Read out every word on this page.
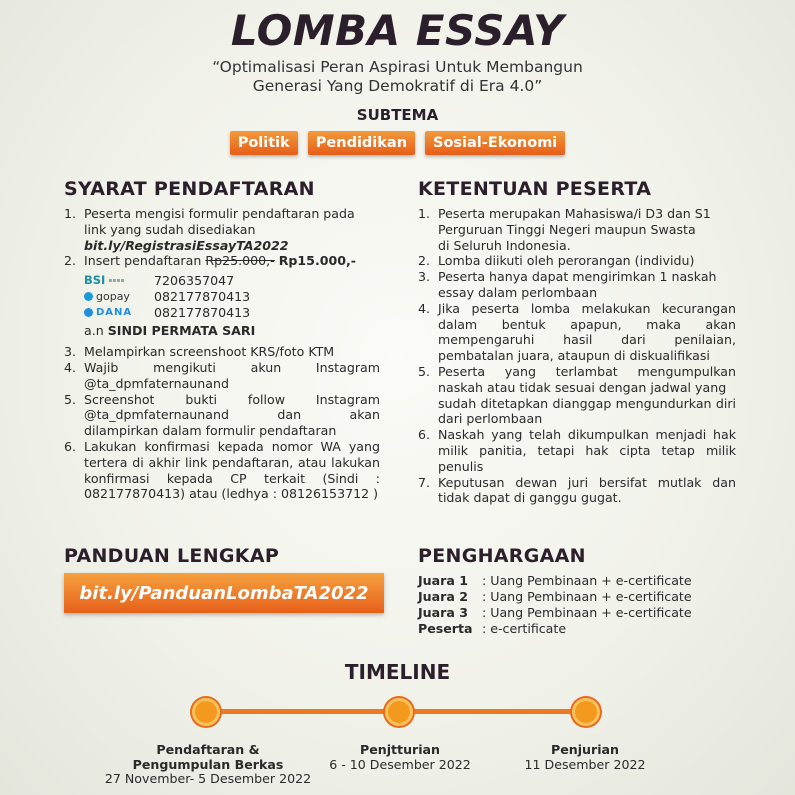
LOMBA ESSAY
“Optimalisasi Peran Aspirasi Untuk Membangun
Generasi Yang Demokratif di Era 4.0”
SUBTEMA
Politik	Pendidikan	Sosial-Ekonomi
SYARAT PENDAFTARAN
1. Peserta mengisi formulir pendaftaran pada link yang sudah disediakan
bit.ly/RegistrasiEssayTA2022
2. Insert pendaftaran Rp25.000,- Rp15.000,-
BSI ▪▪▪▪ 7206357047
gopay 082177870413
DANA 082177870413
a.n
SINDI PERMATA SARI
3. Melampirkan screenshoot KRS/foto KTM
4. Wajib mengikuti akun Instagram
@ta_dpmfaternaunand
5. Screenshot bukti follow Instagram
@ta_dpmfaternaunand dan akan
dilampirkan dalam formulir pendaftaran
6. Lakukan konfirmasi kepada nomor WA yang tertera di akhir link pendaftaran, atau lakukan konfirmasi kepada CP terkait (Sindi : 082177870413) atau (ledhya : 08126153712 )
KETENTUAN PESERTA
1. Peserta merupakan Mahasiswa/i D3 dan S1
Perguruan Tinggi Negeri maupun Swasta
di Seluruh Indonesia.
2. Lomba diikuti oleh perorangan (individu)
3. Peserta hanya dapat mengirimkan 1 naskah essay dalam perlombaan
4. Jika peserta lomba melakukan kecurangan dalam bentuk apapun, maka akan mempengaruhi hasil dari penilaian, pembatalan juara, ataupun di diskualifikasi
5. Peserta yang terlambat mengumpulkan naskah atau tidak sesuai dengan jadwal yang
sudah ditetapkan dianggap mengundurkan diri dari perlombaan
6. Naskah yang telah dikumpulkan menjadi hak milik panitia, tetapi hak cipta tetap milik penulis
7. Keputusan dewan juri bersifat mutlak dan tidak dapat di ganggu gugat.
PANDUAN LENGKAP
bit.ly/PanduanLombaTA2022
PENGHARGAAN
Juara 1 : Uang Pembinaan + e-certificate
Juara 2 : Uang Pembinaan + e-certificate
Juara 3 : Uang Pembinaan + e-certificate
Peserta : e-certificate
TIMELINE
Pendaftaran &
Pengumpulan Berkas
27 November- 5 Desember 2022
Penjtturian
6 - 10 Desember 2022
Penjurian
11 Desember 2022
